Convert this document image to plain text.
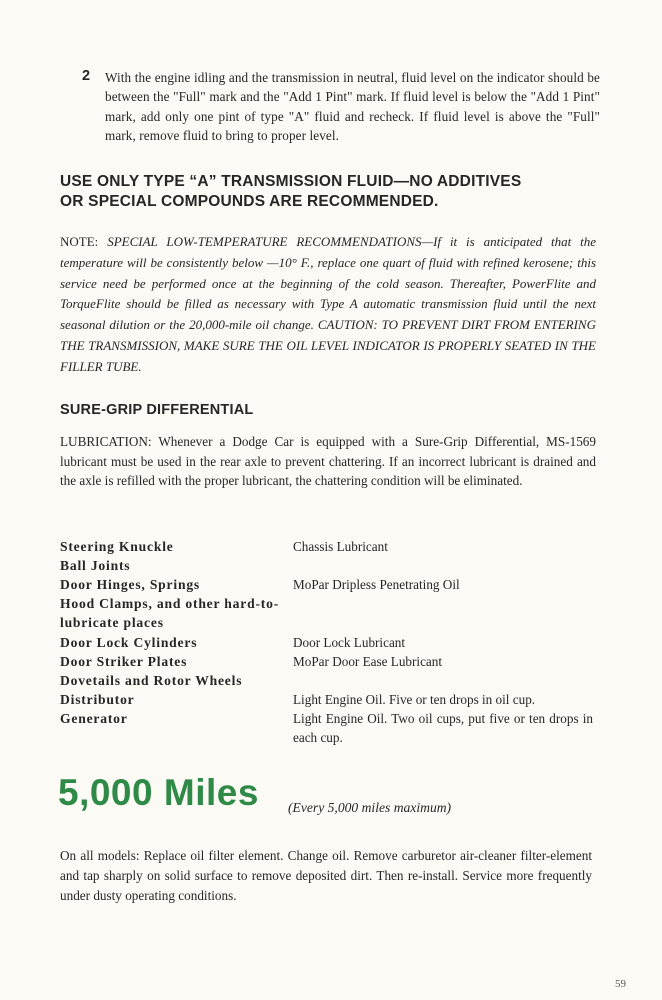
2 With the engine idling and the transmission in neutral, fluid level on the indicator should be between the "Full" mark and the "Add 1 Pint" mark. If fluid level is below the "Add 1 Pint" mark, add only one pint of type "A" fluid and recheck. If fluid level is above the "Full" mark, remove fluid to bring to proper level.
USE ONLY TYPE “A” TRANSMISSION FLUID—NO ADDITIVES OR SPECIAL COMPOUNDS ARE RECOMMENDED.
NOTE: SPECIAL LOW-TEMPERATURE RECOMMENDATIONS—If it is anticipated that the temperature will be consistently below —10° F., replace one quart of fluid with refined kerosene; this service need be performed once at the beginning of the cold season. Thereafter, PowerFlite and TorqueFlite should be filled as necessary with Type A automatic transmission fluid until the next seasonal dilution or the 20,000-mile oil change. CAUTION: TO PREVENT DIRT FROM ENTERING THE TRANSMISSION, MAKE SURE THE OIL LEVEL INDICATOR IS PROPERLY SEATED IN THE FILLER TUBE.
SURE-GRIP DIFFERENTIAL
LUBRICATION: Whenever a Dodge Car is equipped with a Sure-Grip Differential, MS-1569 lubricant must be used in the rear axle to prevent chattering. If an incorrect lubricant is drained and the axle is refilled with the proper lubricant, the chattering condition will be eliminated.
Steering Knuckle	Chassis Lubricant
Ball Joints
Door Hinges, Springs	MoPar Dripless Penetrating Oil
Hood Clamps, and other hard-to-lubricate places
Door Lock Cylinders	Door Lock Lubricant
Door Striker Plates	MoPar Door Ease Lubricant
Dovetails and Rotor Wheels
Distributor	Light Engine Oil. Five or ten drops in oil cup.
Generator	Light Engine Oil. Two oil cups, put five or ten drops in each cup.
5,000 Miles (Every 5,000 miles maximum)
On all models: Replace oil filter element. Change oil. Remove carburetor air-cleaner filter-element and tap sharply on solid surface to remove deposited dirt. Then re-install. Service more frequently under dusty operating conditions.
59
